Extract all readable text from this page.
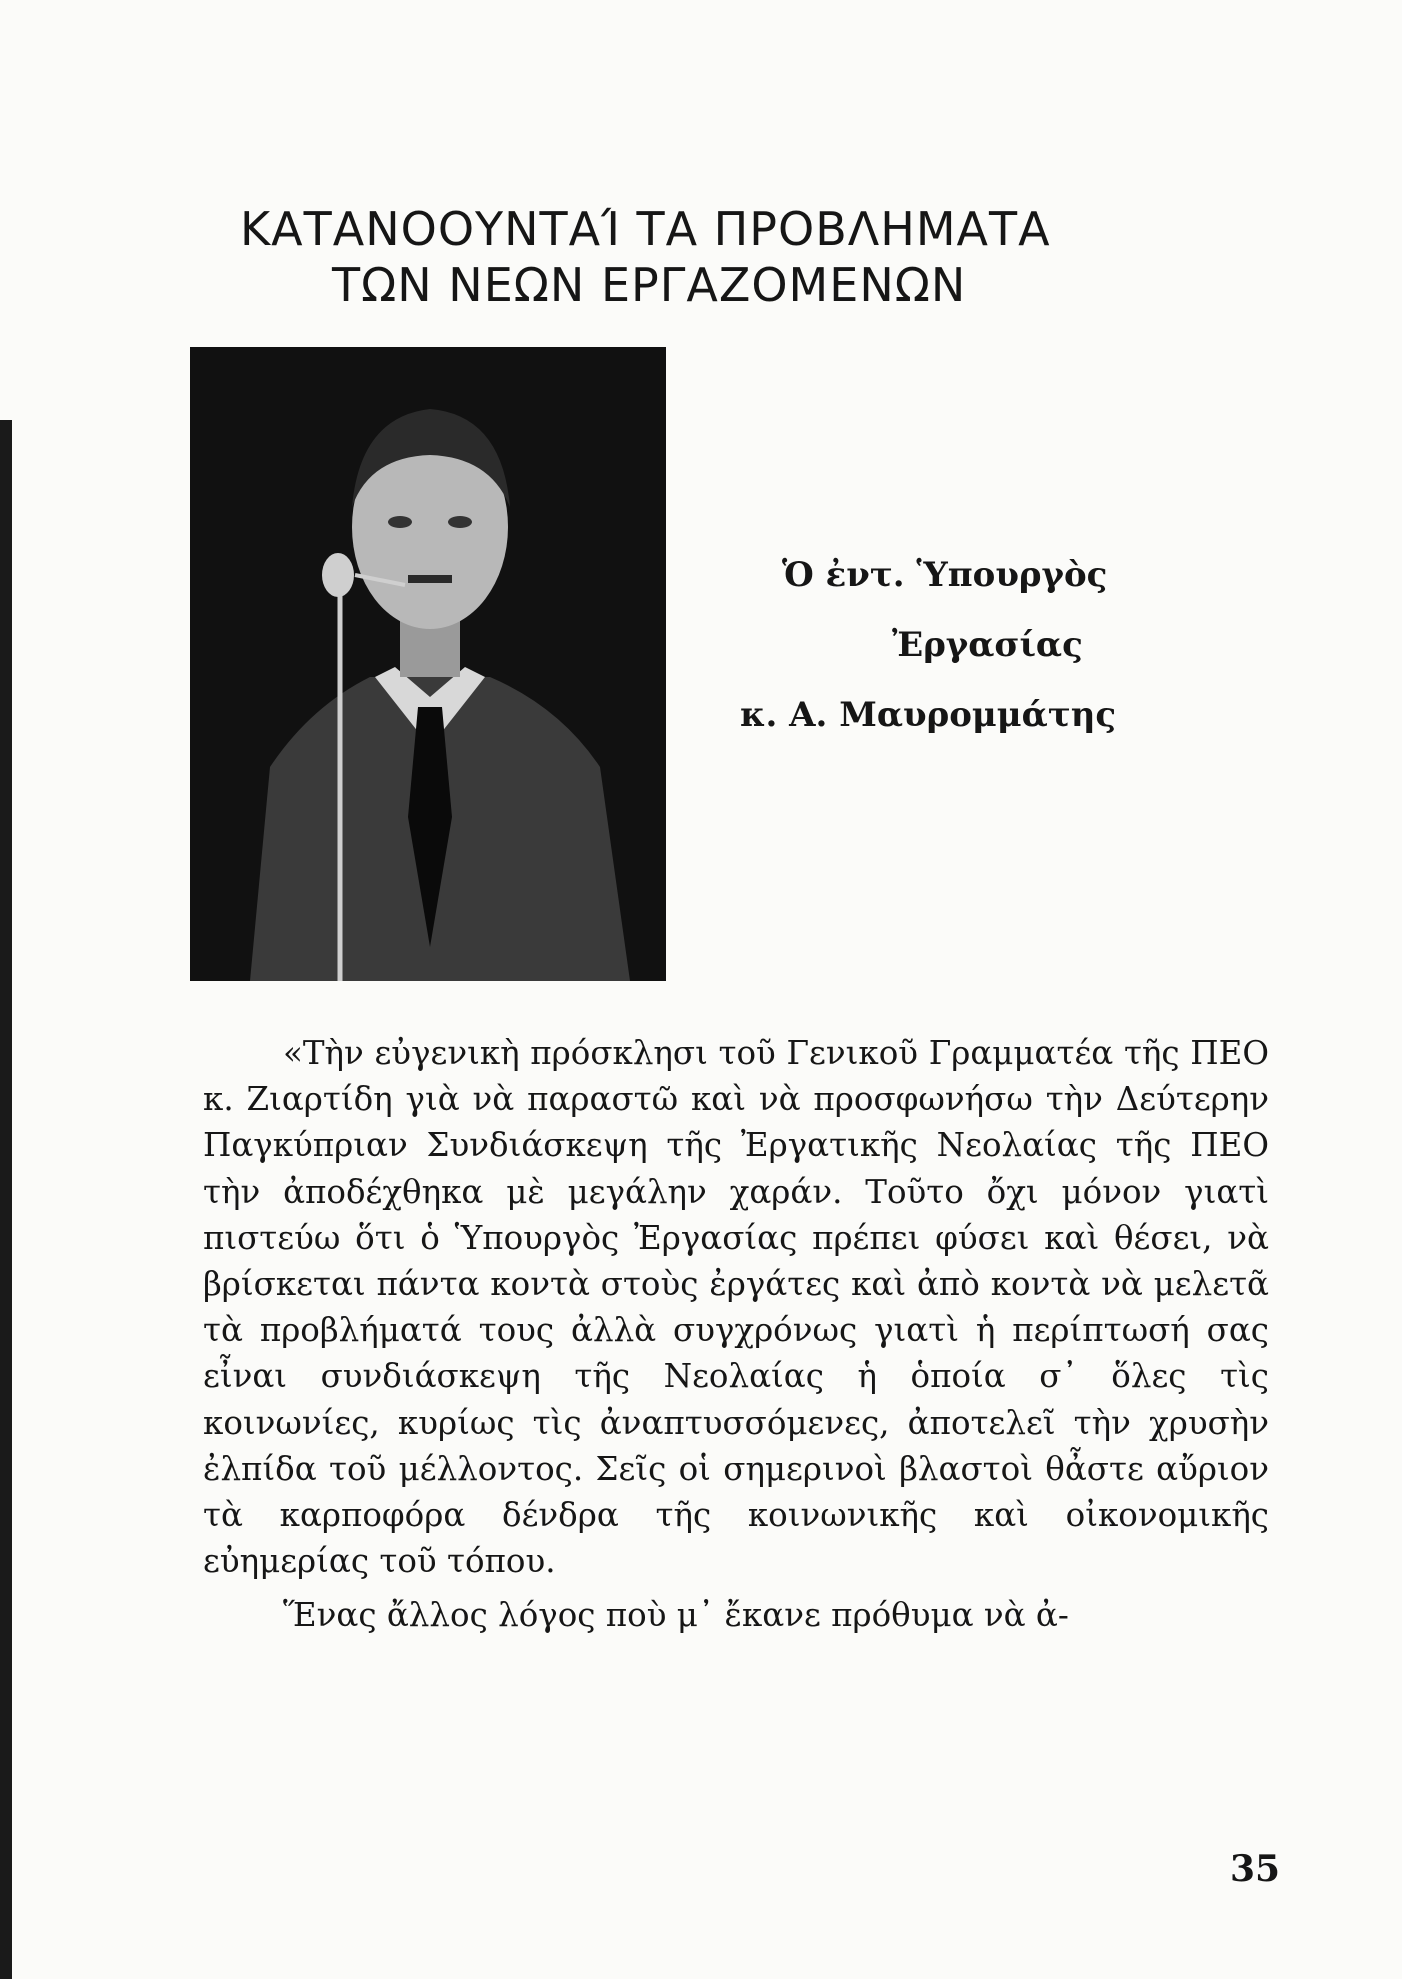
ΚΑΤΑΝΟΟΥΝΤΑΊ ΤΑ ΠΡΟΒΛΗΜΑΤΑ
ΤΩΝ ΝΕΩΝ ΕΡΓΑΖΟΜΕΝΩΝ
Ὁ ἐντ. Ὑπουργὸς
Ἐργασίας
κ. Α. Μαυρομμάτης

«Τὴν εὐγενικὴ πρόσκλησι τοῦ Γενικοῦ Γραμματέα τῆς ΠΕΟ κ. Ζιαρτίδη γιὰ νὰ παραστῶ καὶ νὰ προσφωνήσω τὴν Δεύτερην Παγκύπριαν Συνδιάσκεψη τῆς Ἐργατικῆς Νεολαίας τῆς ΠΕΟ τὴν ἀποδέχθηκα μὲ μεγάλην χαράν. Τοῦτο ὄχι μόνον γιατὶ πιστεύω ὅτι ὁ Ὑπουργὸς Ἐργασίας πρέπει φύσει καὶ θέσει, νὰ βρίσκεται πάντα κοντὰ στοὺς ἐργάτες καὶ ἀπὸ κοντὰ νὰ μελετᾶ τὰ προβλήματά τους ἀλλὰ συγχρόνως γιατὶ ἡ περίπτωσή σας εἶναι συνδιάσκεψη τῆς Νεολαίας ἡ ὁποία σ᾽ ὅλες τὶς κοινωνίες, κυρίως τὶς ἀναπτυσσόμενες, ἀποτελεῖ τὴν χρυσὴν ἐλπίδα τοῦ μέλλοντος. Σεῖς οἱ σημερινοὶ βλαστοὶ θἆστε αὔριον τὰ καρποφόρα δένδρα τῆς κοινωνικῆς καὶ οἰκονομικῆς εὐημερίας τοῦ τόπου.

Ἕνας ἄλλος λόγος ποὺ μ᾽ ἔκανε πρόθυμα νὰ ἀ-

35
